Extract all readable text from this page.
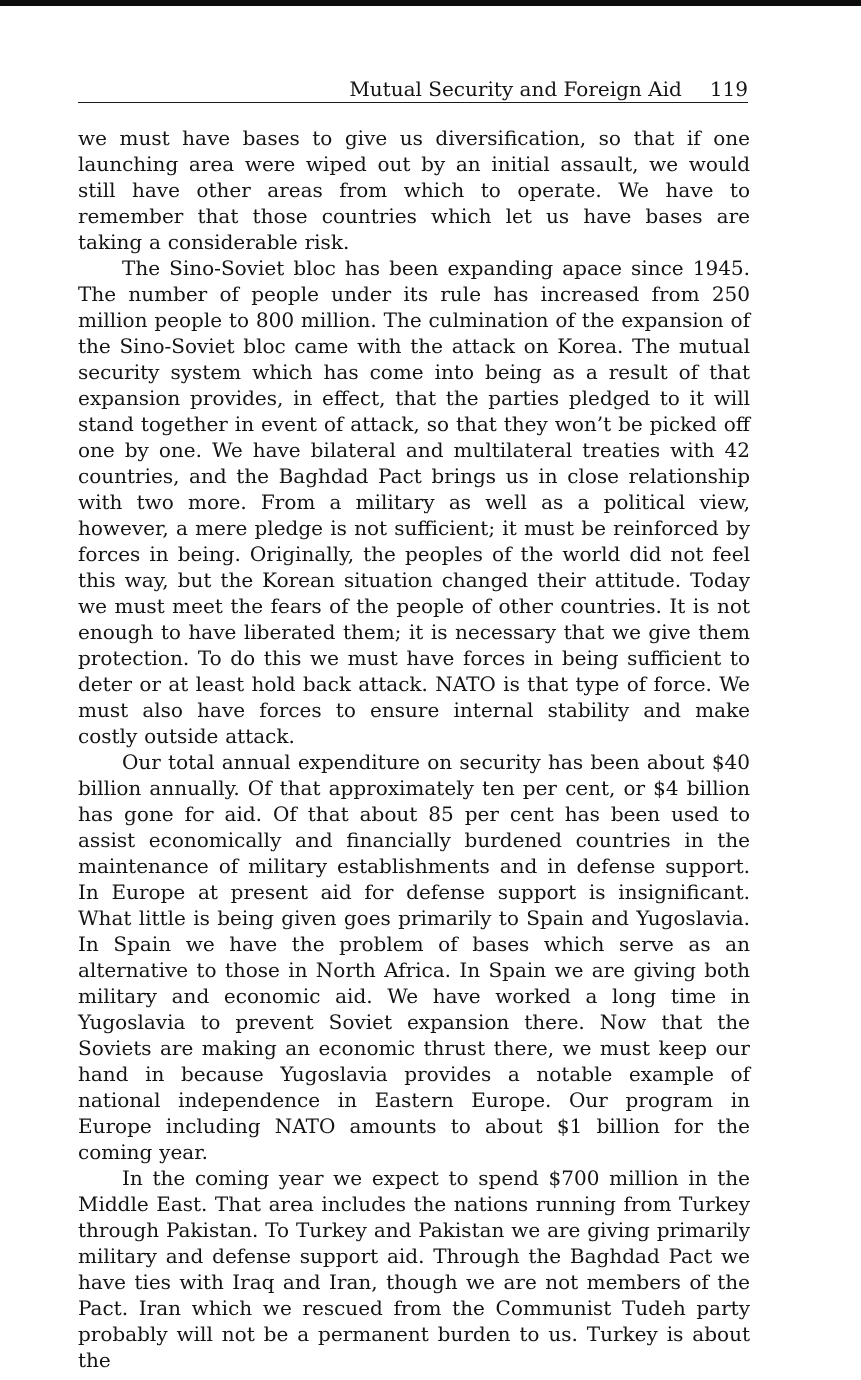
Mutual Security and Foreign Aid 119

we must have bases to give us diversification, so that if one launching area were wiped out by an initial assault, we would still have other areas from which to operate. We have to remember that those countries which let us have bases are taking a considerable risk.

The Sino-Soviet bloc has been expanding apace since 1945. The number of people under its rule has increased from 250 million people to 800 million. The culmination of the expansion of the Sino-Soviet bloc came with the attack on Korea. The mutual security system which has come into being as a result of that expansion provides, in effect, that the parties pledged to it will stand together in event of attack, so that they won’t be picked off one by one. We have bilateral and multilateral treaties with 42 countries, and the Baghdad Pact brings us in close relationship with two more. From a military as well as a political view, however, a mere pledge is not sufficient; it must be reinforced by forces in being. Originally, the peoples of the world did not feel this way, but the Korean situation changed their attitude. Today we must meet the fears of the people of other countries. It is not enough to have liberated them; it is necessary that we give them protection. To do this we must have forces in being sufficient to deter or at least hold back attack. NATO is that type of force. We must also have forces to ensure internal stability and make costly outside attack.

Our total annual expenditure on security has been about $40 billion annually. Of that approximately ten per cent, or $4 billion has gone for aid. Of that about 85 per cent has been used to assist economically and financially burdened countries in the maintenance of military establishments and in defense support. In Europe at present aid for defense support is insignificant. What little is being given goes primarily to Spain and Yugoslavia. In Spain we have the problem of bases which serve as an alternative to those in North Africa. In Spain we are giving both military and economic aid. We have worked a long time in Yugoslavia to prevent Soviet expansion there. Now that the Soviets are making an economic thrust there, we must keep our hand in because Yugoslavia provides a notable example of national independence in Eastern Europe. Our program in Europe including NATO amounts to about $1 billion for the coming year.

In the coming year we expect to spend $700 million in the Middle East. That area includes the nations running from Turkey through Pakistan. To Turkey and Pakistan we are giving primarily military and defense support aid. Through the Baghdad Pact we have ties with Iraq and Iran, though we are not members of the Pact. Iran which we rescued from the Communist Tudeh party probably will not be a permanent burden to us. Turkey is about the
